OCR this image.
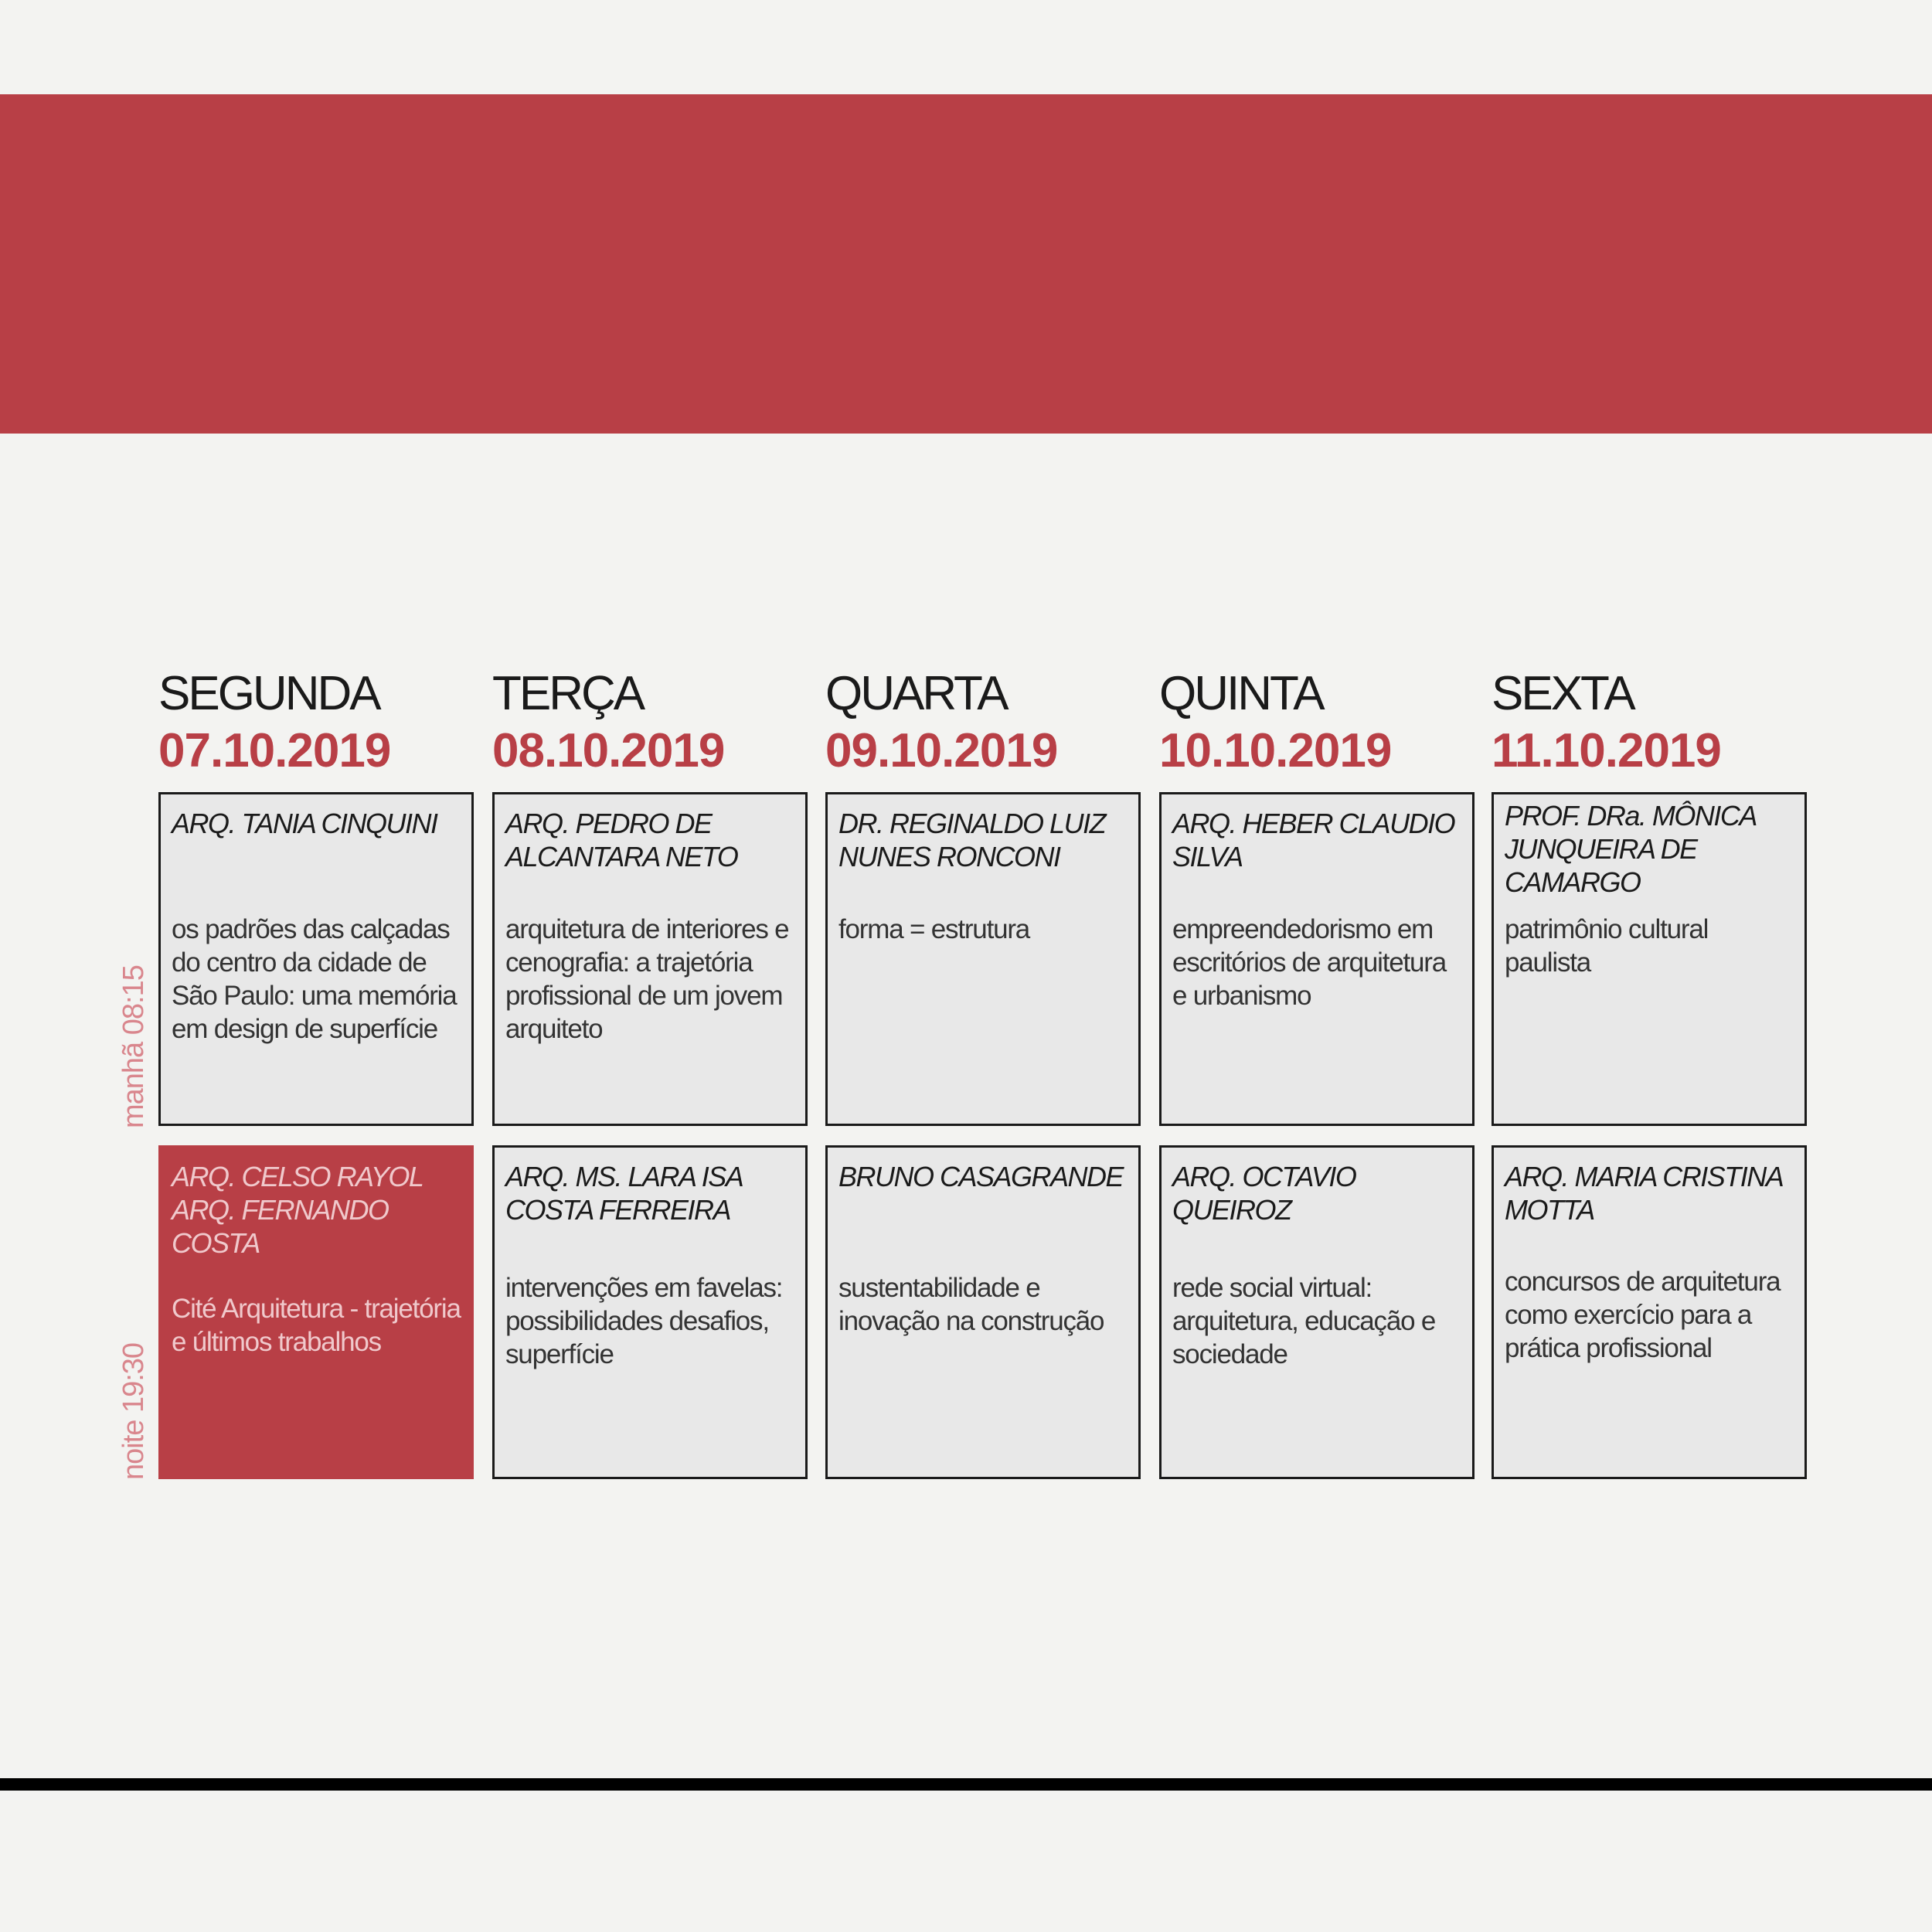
SEGUNDA
07.10.2019
TERÇA
08.10.2019
QUARTA
09.10.2019
QUINTA
10.10.2019
SEXTA
11.10.2019
manhã 08:15
noite 19:30
ARQ. TANIA CINQUINI
os padrões das calçadas do centro da cidade de São Paulo: uma memória em design de superfície
ARQ. PEDRO DE ALCANTARA NETO
arquitetura de interiores e cenografia: a trajetória profissional de um jovem arquiteto
DR. REGINALDO LUIZ NUNES RONCONI
forma = estrutura
ARQ. HEBER CLAUDIO SILVA
empreendedorismo em escritórios de arquitetura e urbanismo
PROF. DRa. MÔNICA JUNQUEIRA DE CAMARGO
patrimônio cultural paulista
ARQ. CELSO RAYOL ARQ. FERNANDO COSTA
Cité Arquitetura - trajetória e últimos trabalhos
ARQ. MS. LARA ISA COSTA FERREIRA
intervenções em favelas: possibilidades desafios, superfície
BRUNO CASAGRANDE
sustentabilidade e inovação na construção
ARQ. OCTAVIO QUEIROZ
rede social virtual: arquitetura, educação e sociedade
ARQ. MARIA CRISTINA MOTTA
concursos de arquitetura como exercício para a prática profissional
